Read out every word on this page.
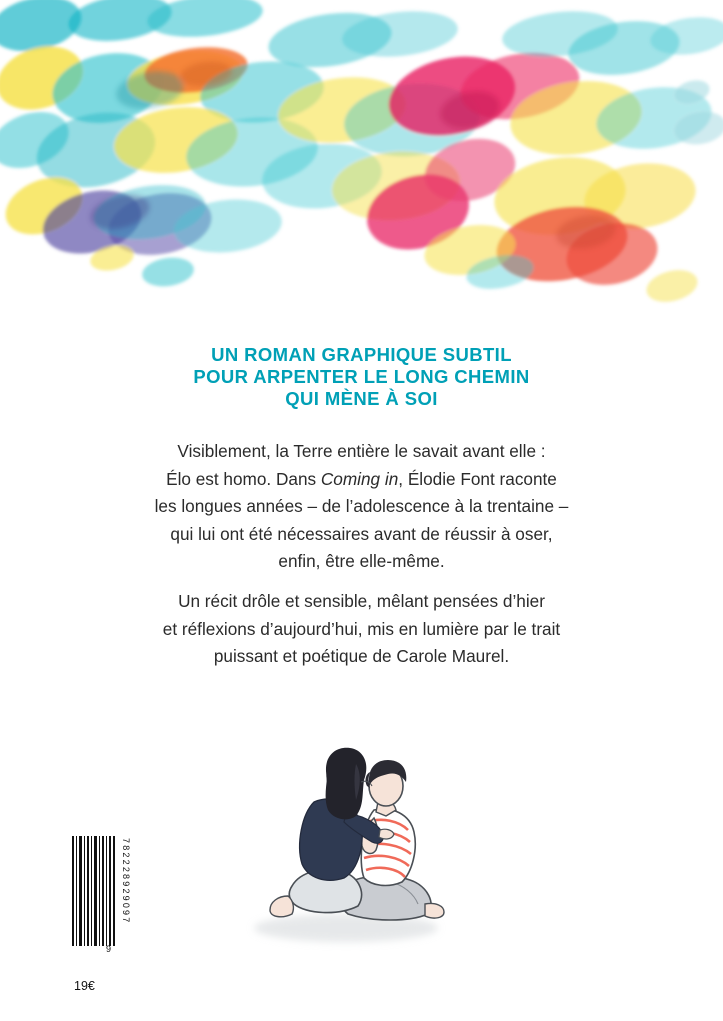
UN ROMAN GRAPHIQUE SUBTIL
POUR ARPENTER LE LONG CHEMIN
QUI MÈNE À SOI
Visiblement, la Terre entière le savait avant elle :
Élo est homo. Dans Coming in, Élodie Font raconte
les longues années – de l’adolescence à la trentaine –
qui lui ont été nécessaires avant de réussir à oser,
enfin, être elle-même.
Un récit drôle et sensible, mêlant pensées d’hier
et réflexions d’aujourd’hui, mis en lumière par le trait
puissant et poétique de Carole Maurel.
782228929097
9
19€
